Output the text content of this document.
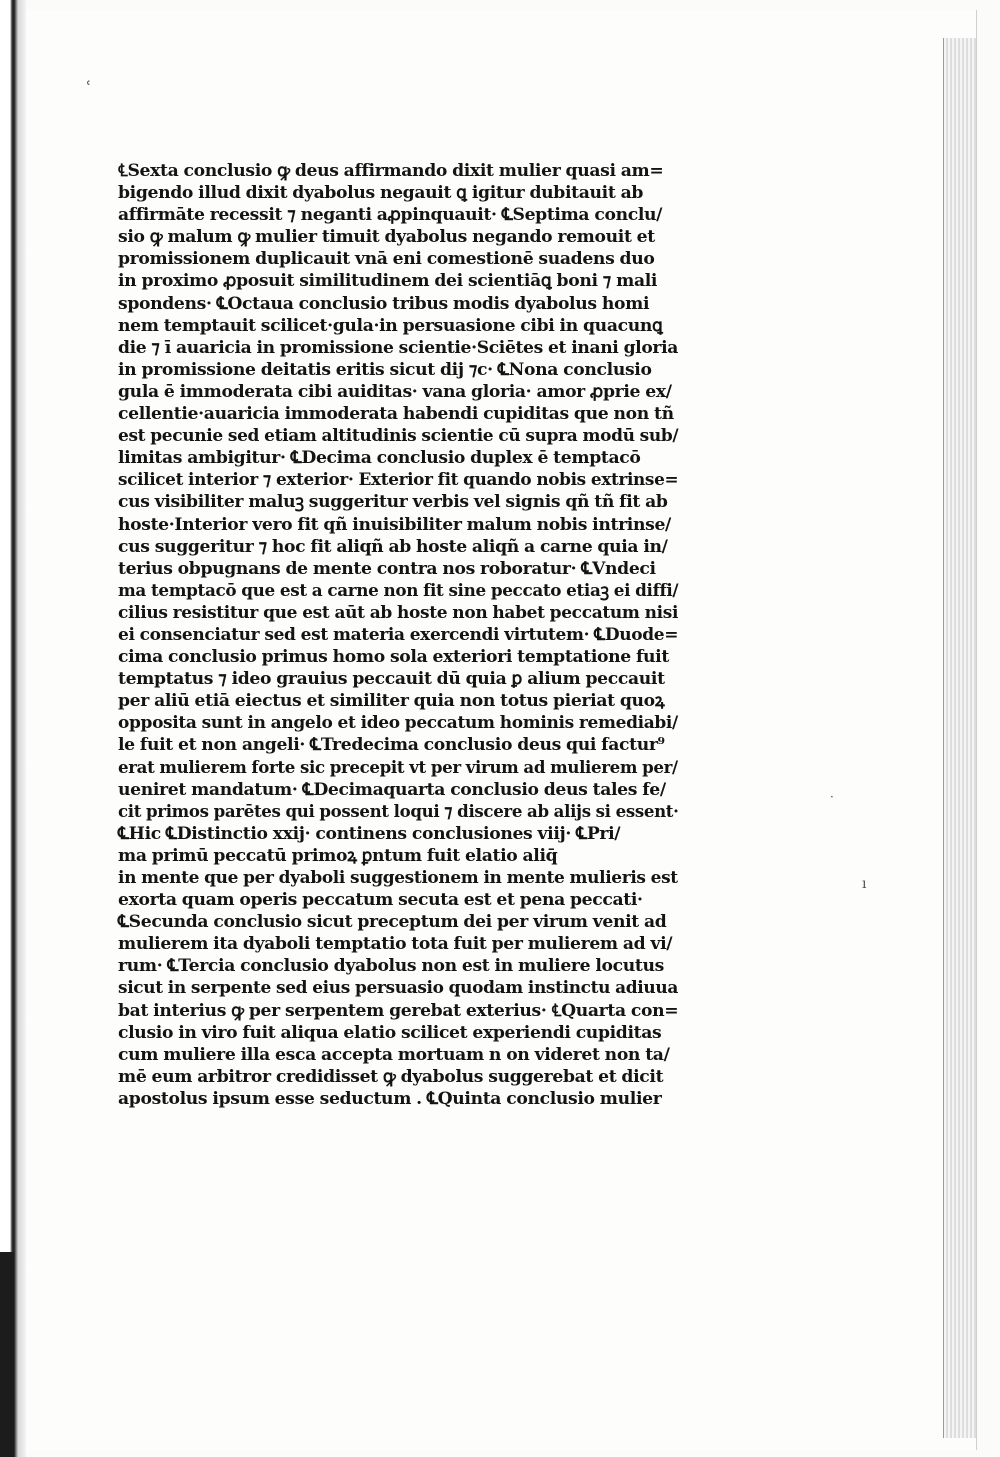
ʿ
·
ı
℄Sexta conclusio ꝙ deus affirmando dixit mulier quasi am=
bigendo illud dixit dyabolus negauit ꝗ igitur dubitauit ab
affirmāte recessit ⁊ neganti aꝓpinquauit· ℄Septima conclu/
sio ꝙ malum ꝙ mulier timuit dyabolus negando remouit et
promissionem duplicauit vnā eni comestionē suadens duo
in proximo ꝓposuit similitudinem dei scientiāꝗ boni ⁊ mali
spondens· ℄Octaua conclusio tribus modis dyabolus homi
nem temptauit scilicet·gula·in persuasione cibi in quacunꝗ
die ⁊ ī auaricia in promissione scientie·Sciētes et inani gloria
in promissione deitatis eritis sicut dij ⁊c· ℄Nona conclusio
gula ē immoderata cibi auiditas· vana gloria· amor ꝓprie ex/
cellentie·auaricia immoderata habendi cupiditas que non tñ
est pecunie sed etiam altitudinis scientie cū supra modū sub/
limitas ambigitur· ℄Decima conclusio duplex ē temptacō
scilicet interior ⁊ exterior· Exterior fit quando nobis extrinse=
cus visibiliter maluꝫ suggeritur verbis vel signis qñ tñ fit ab
hoste·Interior vero fit qñ inuisibiliter malum nobis intrinse/
cus suggeritur ⁊ hoc fit aliqñ ab hoste aliqñ a carne quia in/
terius obpugnans de mente contra nos roboratur· ℄Vndeci
ma temptacō que est a carne non fit sine peccato etiaꝫ ei diffi/
cilius resistitur que est aūt ab hoste non habet peccatum nisi
ei consenciatur sed est materia exercendi virtutem· ℄Duode=
cima conclusio primus homo sola exteriori temptatione fuit
temptatus ⁊ ideo grauius peccauit dū quia ꝑ alium peccauit
per aliū etiā eiectus et similiter quia non totus pieriat quoꝝ
opposita sunt in angelo et ideo peccatum hominis remediabi/
le fuit et non angeli· ℄Tredecima conclusio deus qui factur⁹
erat mulierem forte sic precepit vt per virum ad mulierem per/
ueniret mandatum· ℄Decimaquarta conclusio deus tales fe/
cit primos parētes qui possent loqui ⁊ discere ab alijs si essent·
℄Hic ℄Distinctio xxij· continens conclusiones viij· ℄Pri/
ma primū peccatū primoꝝ ꝑntum fuit elatio aliq̄
in mente que per dyaboli suggestionem in mente mulieris est
exorta quam operis peccatum secuta est et pena peccati·
℄Secunda conclusio sicut preceptum dei per virum venit ad
mulierem ita dyaboli temptatio tota fuit per mulierem ad vi/
rum· ℄Tercia conclusio dyabolus non est in muliere locutus
sicut in serpente sed eius persuasio quodam instinctu adiuua
bat interius ꝙ per serpentem gerebat exterius· ℄Quarta con=
clusio in viro fuit aliqua elatio scilicet experiendi cupiditas
cum muliere illa esca accepta mortuam n on videret non ta/
mē eum arbitror credidisset ꝙ dyabolus suggerebat et dicit
apostolus ipsum esse seductum . ℄Quinta conclusio mulier
